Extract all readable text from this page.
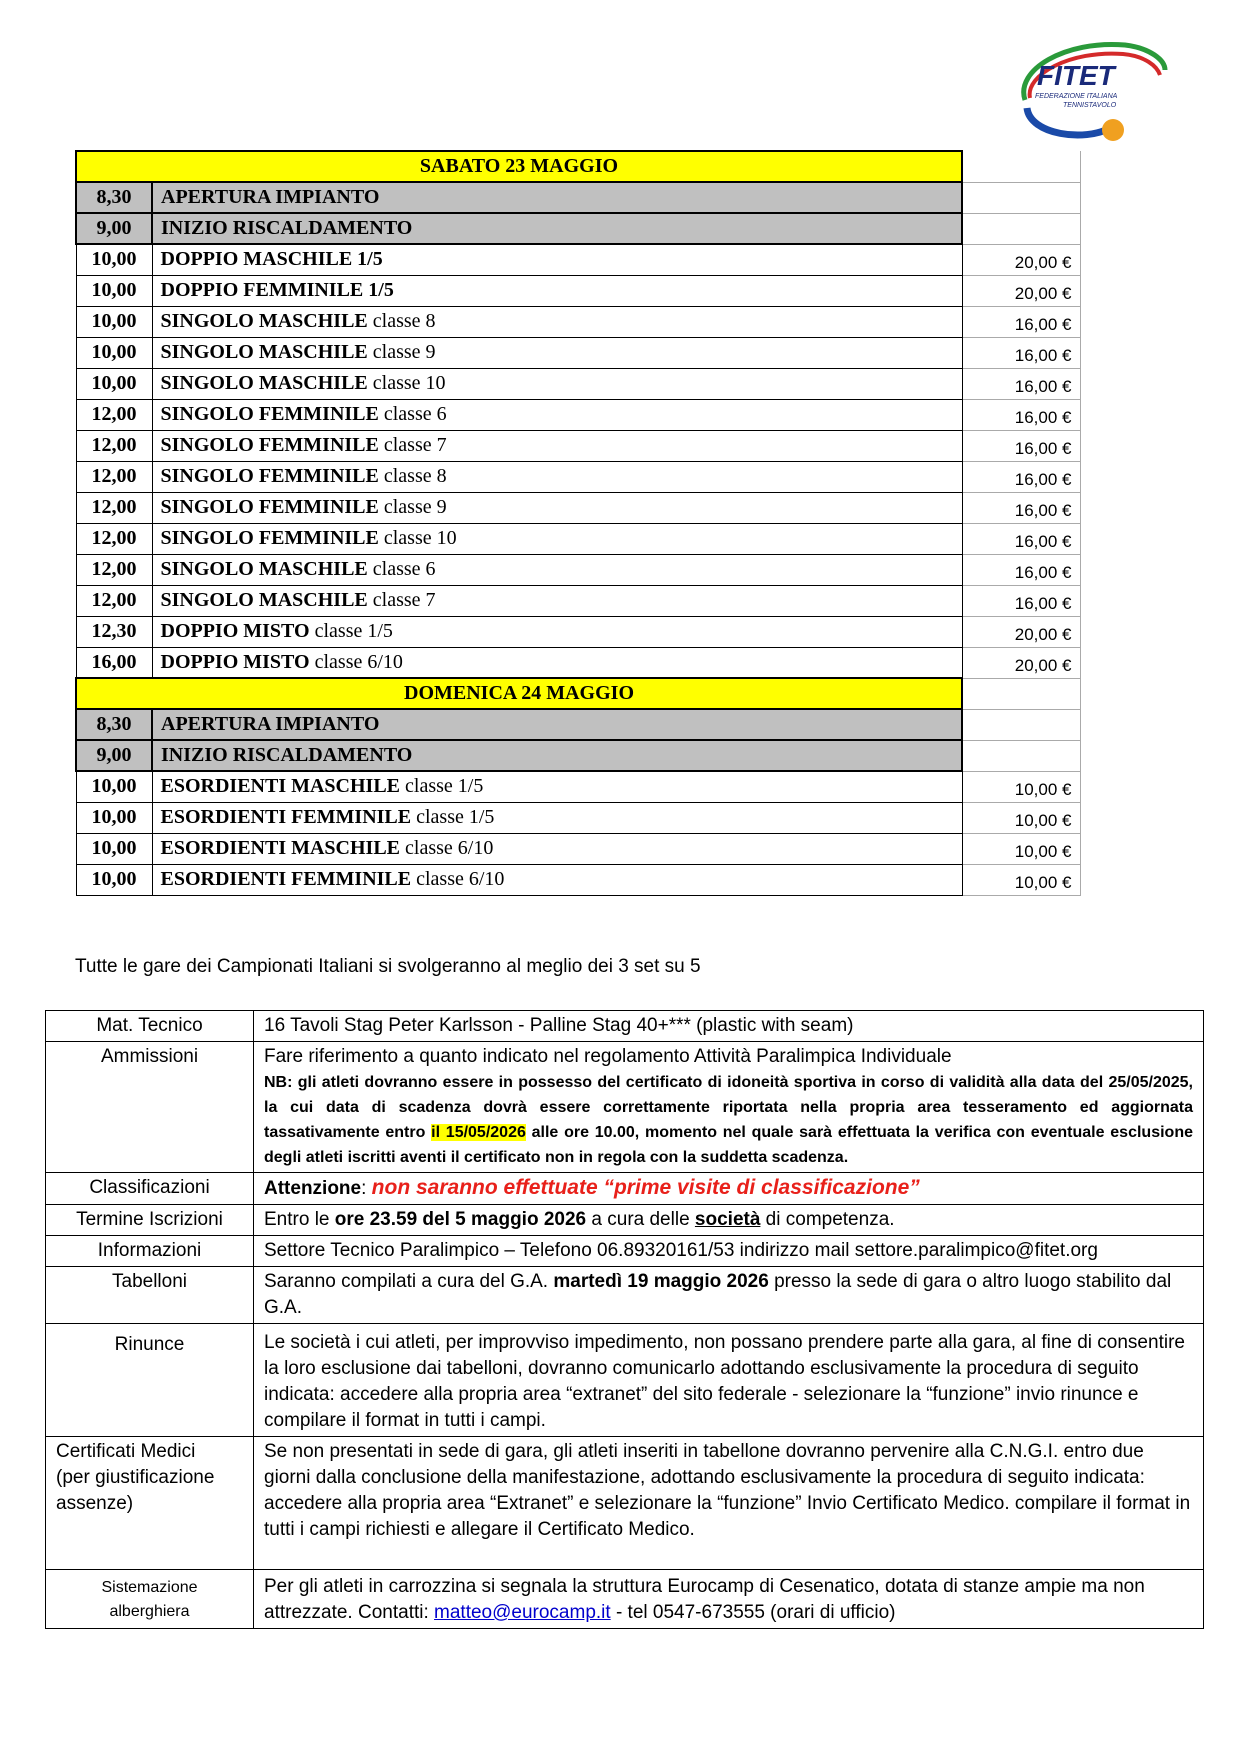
FITET
FEDERAZIONE ITALIANA
TENNISTAVOLO
SABATO 23 MAGGIO		
8,30	APERTURA IMPIANTO	
9,00	INIZIO RISCALDAMENTO	
10,00	DOPPIO MASCHILE 1/5	20,00 €
10,00	DOPPIO FEMMINILE 1/5	20,00 €
10,00	SINGOLO MASCHILE classe 8	16,00 €
10,00	SINGOLO MASCHILE classe 9	16,00 €
10,00	SINGOLO MASCHILE classe 10	16,00 €
12,00	SINGOLO FEMMINILE classe 6	16,00 €
12,00	SINGOLO FEMMINILE classe 7	16,00 €
12,00	SINGOLO FEMMINILE classe 8	16,00 €
12,00	SINGOLO FEMMINILE classe 9	16,00 €
12,00	SINGOLO FEMMINILE classe 10	16,00 €
12,00	SINGOLO MASCHILE classe 6	16,00 €
12,00	SINGOLO MASCHILE classe 7	16,00 €
12,30	DOPPIO MISTO classe 1/5	20,00 €
16,00	DOPPIO MISTO classe 6/10	20,00 €
DOMENICA 24 MAGGIO		
8,30	APERTURA IMPIANTO	
9,00	INIZIO RISCALDAMENTO	
10,00	ESORDIENTI MASCHILE classe 1/5	10,00 €
10,00	ESORDIENTI FEMMINILE classe 1/5	10,00 €
10,00	ESORDIENTI MASCHILE classe 6/10	10,00 €
10,00	ESORDIENTI FEMMINILE classe 6/10	10,00 €
Tutte le gare dei Campionati Italiani si svolgeranno al meglio dei 3 set su 5
Mat. Tecnico	16 Tavoli Stag Peter Karlsson - Palline Stag 40+*** (plastic with seam)
Ammissioni	Fare riferimento a quanto indicato nel regolamento Attività Paralimpica Individuale
NB: gli atleti dovranno essere in possesso del certificato di idoneità sportiva in corso di validità alla data del 25/05/2025, la cui data di scadenza dovrà essere correttamente riportata nella propria area tesseramento ed aggiornata tassativamente entro il 15/05/2026 alle ore 10.00, momento nel quale sarà effettuata la verifica con eventuale esclusione degli atleti iscritti aventi il certificato non in regola con la suddetta scadenza.

Classificazioni	Attenzione: non saranno effettuate “prime visite di classificazione”
Termine Iscrizioni	Entro le ore 23.59 del 5 maggio 2026 a cura delle società di competenza.
Informazioni	Settore Tecnico Paralimpico – Telefono 06.89320161/53 indirizzo mail settore.paralimpico@fitet.org
Tabelloni	Saranno compilati a cura del G.A. martedì 19 maggio 2026 presso la sede di gara o altro luogo stabilito dal G.A.
Rinunce	Le società i cui atleti, per improvviso impedimento, non possano prendere parte alla gara, al fine di consentire la loro esclusione dai tabelloni, dovranno comunicarlo adottando esclusivamente la procedura di seguito indicata: accedere alla propria area “extranet” del sito federale - selezionare la “funzione” invio rinunce e compilare il format in tutti i campi.

Certificati Medici
(per giustificazione assenze)	Se non presentati in sede di gara, gli atleti inseriti in tabellone dovranno pervenire alla C.N.G.I. entro due giorni dalla conclusione della manifestazione, adottando esclusivamente la procedura di seguito indicata: accedere alla propria area “Extranet” e selezionare la “funzione” Invio Certificato Medico. compilare il format in tutti i campi richiesti e allegare il Certificato Medico.

Sistemazione
alberghiera	Per gli atleti in carrozzina si segnala la struttura Eurocamp di Cesenatico, dotata di stanze ampie ma non attrezzate. Contatti: matteo@eurocamp.it - tel 0547-673555 (orari di ufficio)
